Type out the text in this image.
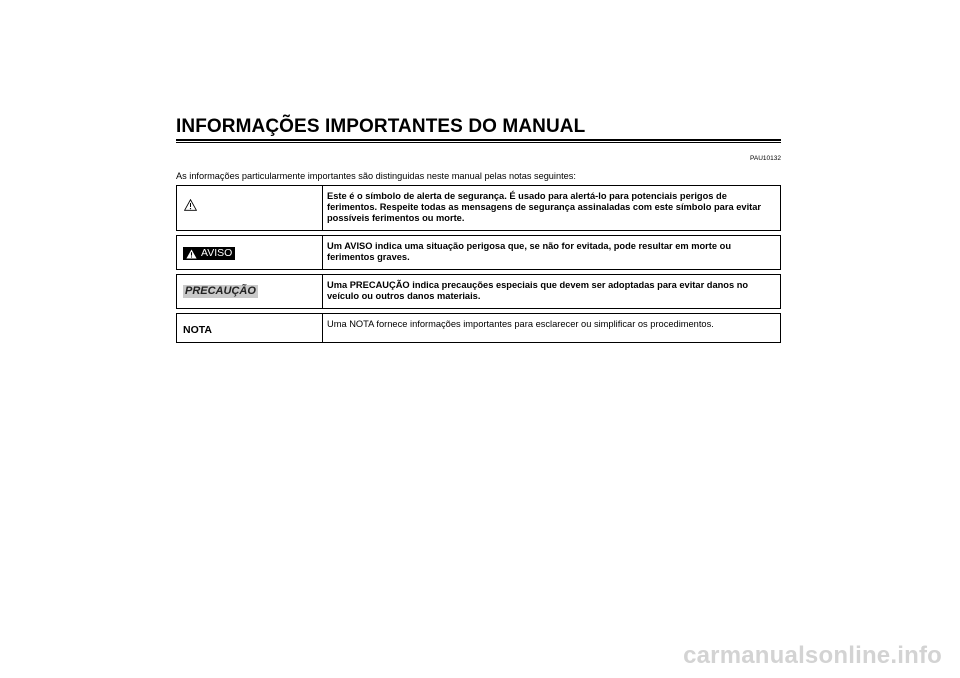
INFORMAÇÕES IMPORTANTES DO MANUAL
PAU10132
As informações particularmente importantes são distinguidas neste manual pelas notas seguintes:
Este é o símbolo de alerta de segurança. É usado para alertá-lo para potenciais perigos de ferimentos. Respeite todas as mensagens de segurança assinaladas com este símbolo para evitar possíveis ferimentos ou morte.
AVISO
Um AVISO indica uma situação perigosa que, se não for evitada, pode resultar em morte ou ferimentos graves.
PRECAUÇÃO	Uma PRECAUÇÃO indica precauções especiais que devem ser adoptadas para evitar danos no veículo ou outros danos materiais.
NOTA	Uma NOTA fornece informações importantes para esclarecer ou simplificar os procedimentos.
carmanualsonline.info
